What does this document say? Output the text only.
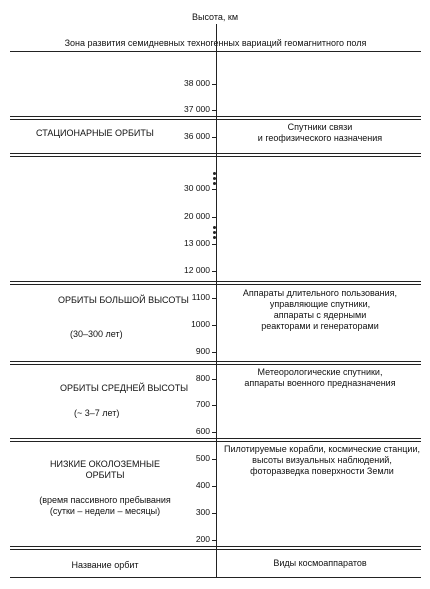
Высота, км
Зона развития семидневных техногенных вариаций геомагнитного поля
38 000
37 000
36 000
30 000
20 000
13 000
12 000
1100
1000
900
800
700
600
500
400
300
200
СТАЦИОНАРНЫЕ ОРБИТЫ
Спутники связи
и геофизического назначения
ОРБИТЫ БОЛЬШОЙ ВЫСОТЫ
(30–300 лет)
Аппараты длительного пользования,
управляющие спутники,
аппараты с ядерными
реакторами и генераторами
ОРБИТЫ СРЕДНЕЙ ВЫСОТЫ
(~ 3–7 лет)
Метеорологические спутники,
аппараты военного предназначения
НИЗКИЕ ОКОЛОЗЕМНЫЕ
ОРБИТЫ
(время пассивного пребывания
(сутки – недели – месяцы)
Пилотируемые корабли, космические станции,
высоты визуальных наблюдений,
фоторазведка поверхности Земли
Название орбит	Виды космоаппаратов
